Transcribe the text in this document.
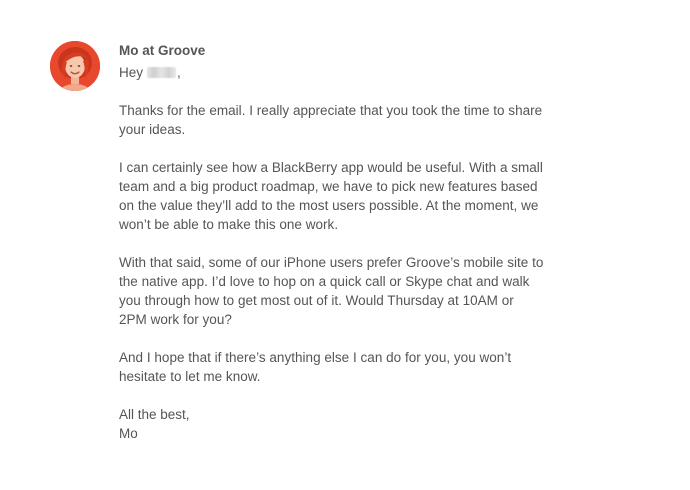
Mo at Groove
Hey	,
Thanks for the email. I really appreciate that you took the time to share
your ideas.
I can certainly see how a BlackBerry app would be useful. With a small
team and a big product roadmap, we have to pick new features based
on the value they’ll add to the most users possible. At the moment, we
won’t be able to make this one work.
With that said, some of our iPhone users prefer Groove’s mobile site to
the native app. I’d love to hop on a quick call or Skype chat and walk
you through how to get most out of it. Would Thursday at 10AM or
2PM work for you?
And I hope that if there’s anything else I can do for you, you won’t
hesitate to let me know.
All the best,
Mo
